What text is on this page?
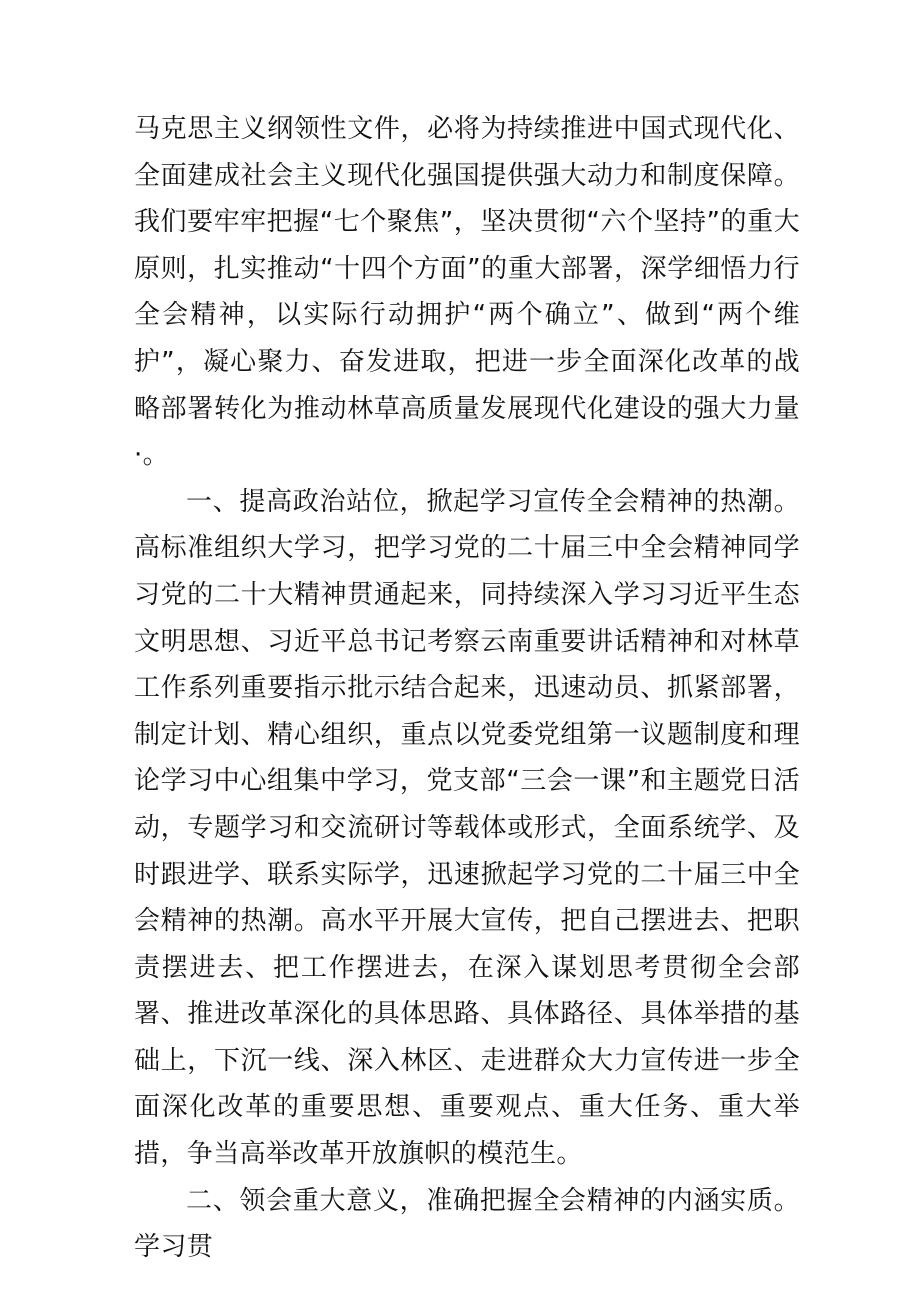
马克思主义纲领性文件，必将为持续推进中国式现代化、全面建成社会主义现代化强国提供强大动力和制度保障。我们要牢牢把握“七个聚焦”，坚决贯彻“六个坚持”的重大原则，扎实推动“十四个方面”的重大部署，深学细悟力行全会精神，以实际行动拥护“两个确立”、做到“两个维护”，凝心聚力、奋发进取，把进一步全面深化改革的战略部署转化为推动林草高质量发展现代化建设的强大力量·。

一、提高政治站位，掀起学习宣传全会精神的热潮。高标准组织大学习，把学习党的二十届三中全会精神同学习党的二十大精神贯通起来，同持续深入学习习近平生态文明思想、习近平总书记考察云南重要讲话精神和对林草工作系列重要指示批示结合起来，迅速动员、抓紧部署，制定计划、精心组织，重点以党委党组第一议题制度和理论学习中心组集中学习，党支部“三会一课”和主题党日活动，专题学习和交流研讨等载体或形式，全面系统学、及时跟进学、联系实际学，迅速掀起学习党的二十届三中全会精神的热潮。高水平开展大宣传，把自己摆进去、把职责摆进去、把工作摆进去，在深入谋划思考贯彻全会部署、推进改革深化的具体思路、具体路径、具体举措的基础上，下沉一线、深入林区、走进群众大力宣传进一步全面深化改革的重要思想、重要观点、重大任务、重大举措，争当高举改革开放旗帜的模范生。

二、领会重大意义，准确把握全会精神的内涵实质。学习贯
